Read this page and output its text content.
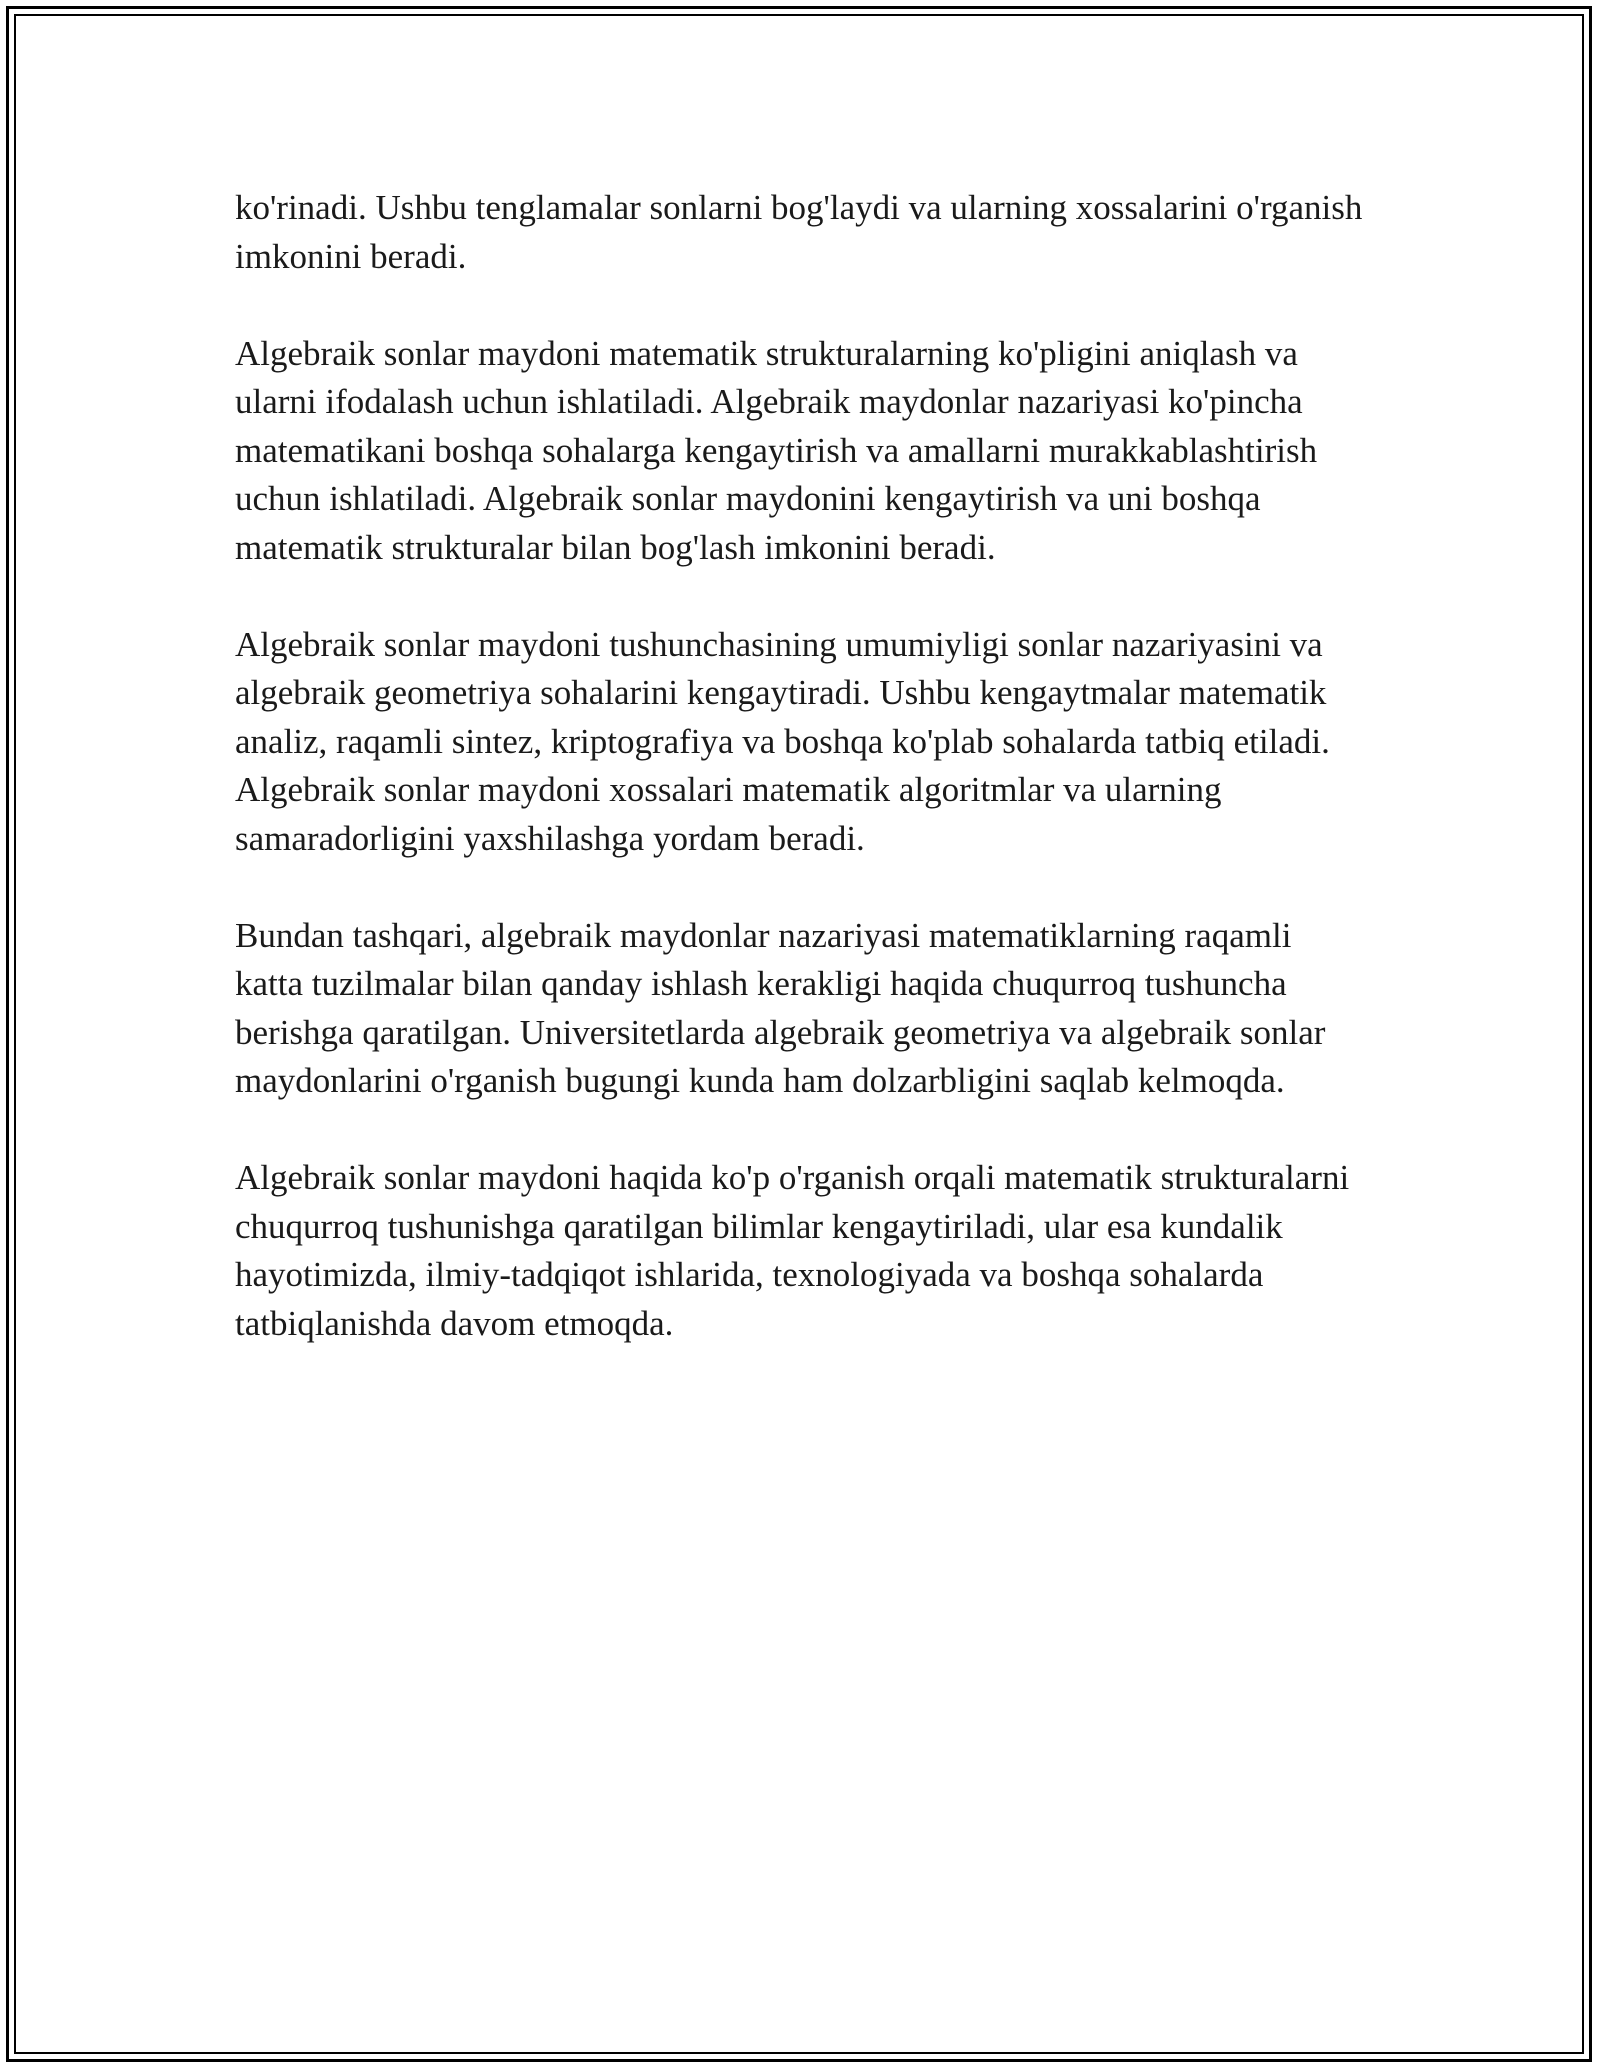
ko'rinadi. Ushbu tenglamalar sonlarni bog'laydi va ularning xossalarini o'rganish imkonini beradi.

Algebraik sonlar maydoni matematik strukturalarning ko'pligini aniqlash va ularni ifodalash uchun ishlatiladi. Algebraik maydonlar nazariyasi ko'pincha matematikani boshqa sohalarga kengaytirish va amallarni murakkablashtirish uchun ishlatiladi. Algebraik sonlar maydonini kengaytirish va uni boshqa matematik strukturalar bilan bog'lash imkonini beradi.

Algebraik sonlar maydoni tushunchasining umumiyligi sonlar nazariyasini va algebraik geometriya sohalarini kengaytiradi. Ushbu kengaytmalar matematik analiz, raqamli sintez, kriptografiya va boshqa ko'plab sohalarda tatbiq etiladi. Algebraik sonlar maydoni xossalari matematik algoritmlar va ularning samaradorligini yaxshilashga yordam beradi.

Bundan tashqari, algebraik maydonlar nazariyasi matematiklarning raqamli katta tuzilmalar bilan qanday ishlash kerakligi haqida chuqurroq tushuncha berishga qaratilgan. Universitetlarda algebraik geometriya va algebraik sonlar maydonlarini o'rganish bugungi kunda ham dolzarbligini saqlab kelmoqda.

Algebraik sonlar maydoni haqida ko'p o'rganish orqali matematik strukturalarni chuqurroq tushunishga qaratilgan bilimlar kengaytiriladi, ular esa kundalik hayotimizda, ilmiy-tadqiqot ishlarida, texnologiyada va boshqa sohalarda tatbiqlanishda davom etmoqda.
